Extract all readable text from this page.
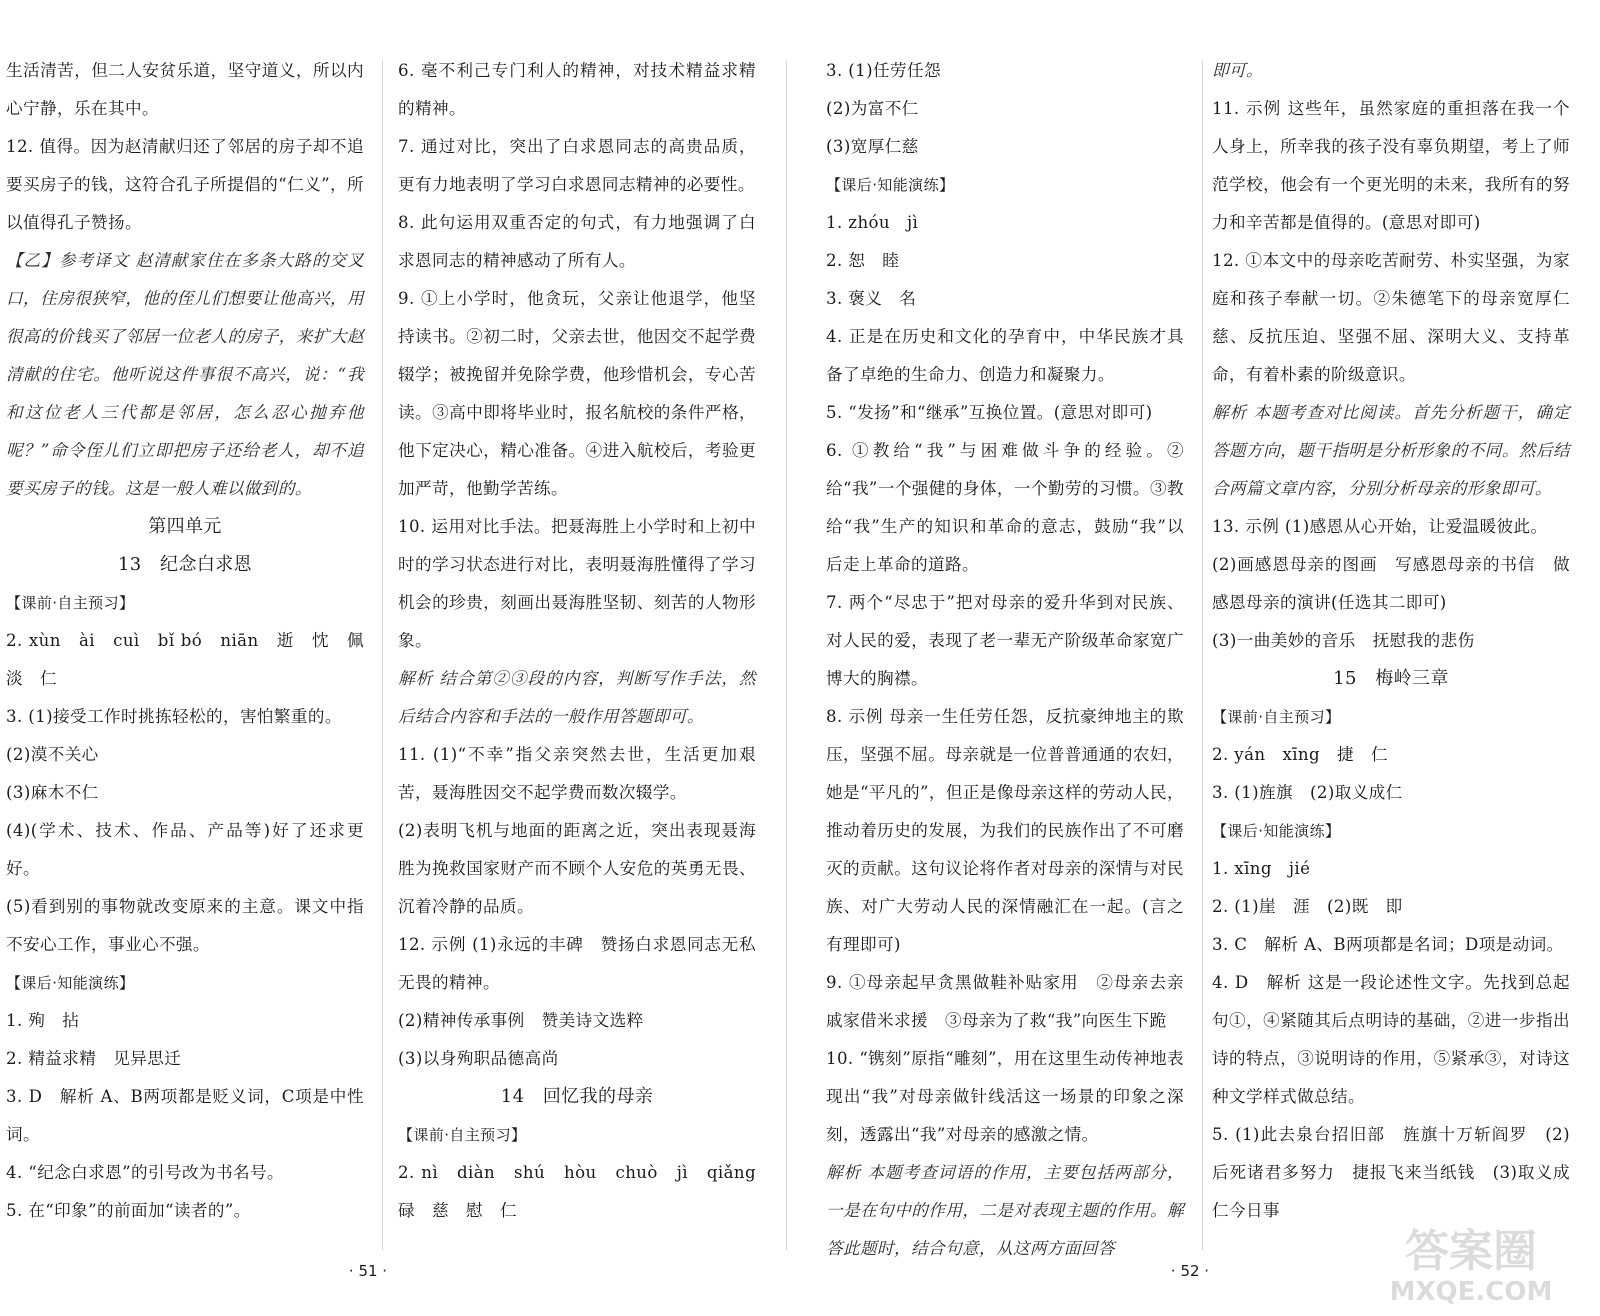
生活清苦，但二人安贫乐道，坚守道义，所以内心宁静，乐在其中。

12. 值得。因为赵清献归还了邻居的房子却不追要买房子的钱，这符合孔子所提倡的“仁义”，所以值得孔子赞扬。

【乙】参考译文 赵清献家住在多条大路的交叉口，住房很狭窄，他的侄儿们想要让他高兴，用很高的价钱买了邻居一位老人的房子，来扩大赵清献的住宅。他听说这件事很不高兴，说：“我和这位老人三代都是邻居，怎么忍心抛弃他呢？”命令侄儿们立即把房子还给老人，却不追要买房子的钱。这是一般人难以做到的。

第四单元

13　纪念白求恩

【课前·自主预习】

2. xùn　ài　cuì　bǐ bó　niān　逝　忱　佩　淡　仁

3. (1)接受工作时挑拣轻松的，害怕繁重的。

(2)漠不关心

(3)麻木不仁

(4)(学术、技术、作品、产品等)好了还求更好。

(5)看到别的事物就改变原来的主意。课文中指不安心工作，事业心不强。

【课后·知能演练】

1. 殉　拈

2. 精益求精　见异思迁

3. D　解析 A、B两项都是贬义词，C项是中性词。

4. “纪念白求恩”的引号改为书名号。

5. 在“印象”的前面加“读者的”。

6. 毫不利己专门利人的精神，对技术精益求精的精神。

7. 通过对比，突出了白求恩同志的高贵品质，更有力地表明了学习白求恩同志精神的必要性。

8. 此句运用双重否定的句式，有力地强调了白求恩同志的精神感动了所有人。

9. ①上小学时，他贪玩，父亲让他退学，他坚持读书。②初二时，父亲去世，他因交不起学费辍学；被挽留并免除学费，他珍惜机会，专心苦读。③高中即将毕业时，报名航校的条件严格，他下定决心，精心准备。④进入航校后，考验更加严苛，他勤学苦练。

10. 运用对比手法。把聂海胜上小学时和上初中时的学习状态进行对比，表明聂海胜懂得了学习机会的珍贵，刻画出聂海胜坚韧、刻苦的人物形象。

解析 结合第②③段的内容，判断写作手法，然后结合内容和手法的一般作用答题即可。

11. (1)“不幸”指父亲突然去世，生活更加艰苦，聂海胜因交不起学费而数次辍学。

(2)表明飞机与地面的距离之近，突出表现聂海胜为挽救国家财产而不顾个人安危的英勇无畏、沉着冷静的品质。

12. 示例 (1)永远的丰碑　赞扬白求恩同志无私无畏的精神。

(2)精神传承事例　赞美诗文选粹

(3)以身殉职品德高尚

14　回忆我的母亲

【课前·自主预习】

2. nì　diàn　shú　hòu　chuò　jì　qiǎng　碌　慈　慰　仁

3. (1)任劳任怨

(2)为富不仁

(3)宽厚仁慈

【课后·知能演练】

1. zhóu　jì

2. 恕　睦

3. 褒义　名

4. 正是在历史和文化的孕育中，中华民族才具备了卓绝的生命力、创造力和凝聚力。

5. “发扬”和“继承”互换位置。(意思对即可)

6. ①教给“我”与困难做斗争的经验。②给“我”一个强健的身体，一个勤劳的习惯。③教给“我”生产的知识和革命的意志，鼓励“我”以后走上革命的道路。

7. 两个“尽忠于”把对母亲的爱升华到对民族、对人民的爱，表现了老一辈无产阶级革命家宽广博大的胸襟。

8. 示例 母亲一生任劳任怨，反抗豪绅地主的欺压，坚强不屈。母亲就是一位普普通通的农妇，她是“平凡的”，但正是像母亲这样的劳动人民，推动着历史的发展，为我们的民族作出了不可磨灭的贡献。这句议论将作者对母亲的深情与对民族、对广大劳动人民的深情融汇在一起。(言之有理即可)

9. ①母亲起早贪黑做鞋补贴家用　②母亲去亲戚家借米求援　③母亲为了救“我”向医生下跪

10. “镌刻”原指“雕刻”，用在这里生动传神地表现出“我”对母亲做针线活这一场景的印象之深刻，透露出“我”对母亲的感激之情。

解析 本题考查词语的作用，主要包括两部分，一是在句中的作用，二是对表现主题的作用。解答此题时，结合句意，从这两方面回答

即可。

11. 示例 这些年，虽然家庭的重担落在我一个人身上，所幸我的孩子没有辜负期望，考上了师范学校，他会有一个更光明的未来，我所有的努力和辛苦都是值得的。(意思对即可)

12. ①本文中的母亲吃苦耐劳、朴实坚强，为家庭和孩子奉献一切。②朱德笔下的母亲宽厚仁慈、反抗压迫、坚强不屈、深明大义、支持革命，有着朴素的阶级意识。

解析 本题考查对比阅读。首先分析题干，确定答题方向，题干指明是分析形象的不同。然后结合两篇文章内容，分别分析母亲的形象即可。

13. 示例 (1)感恩从心开始，让爱温暖彼此。

(2)画感恩母亲的图画　写感恩母亲的书信　做感恩母亲的演讲(任选其二即可)

(3)一曲美妙的音乐　抚慰我的悲伤

15　梅岭三章

【课前·自主预习】

2. yán　xīng　捷　仁

3. (1)旌旗　(2)取义成仁

【课后·知能演练】

1. xīng　jié

2. (1)崖　涯　(2)既　即

3. C　解析 A、B两项都是名词；D项是动词。

4. D　解析 这是一段论述性文字。先找到总起句①，④紧随其后点明诗的基础，②进一步指出诗的特点，③说明诗的作用，⑤紧承③，对诗这种文学样式做总结。

5. (1)此去泉台招旧部　旌旗十万斩阎罗　(2)后死诸君多努力　捷报飞来当纸钱　(3)取义成仁今日事

· 51 ·	· 52 ·	答案圈
MXQE.COM
